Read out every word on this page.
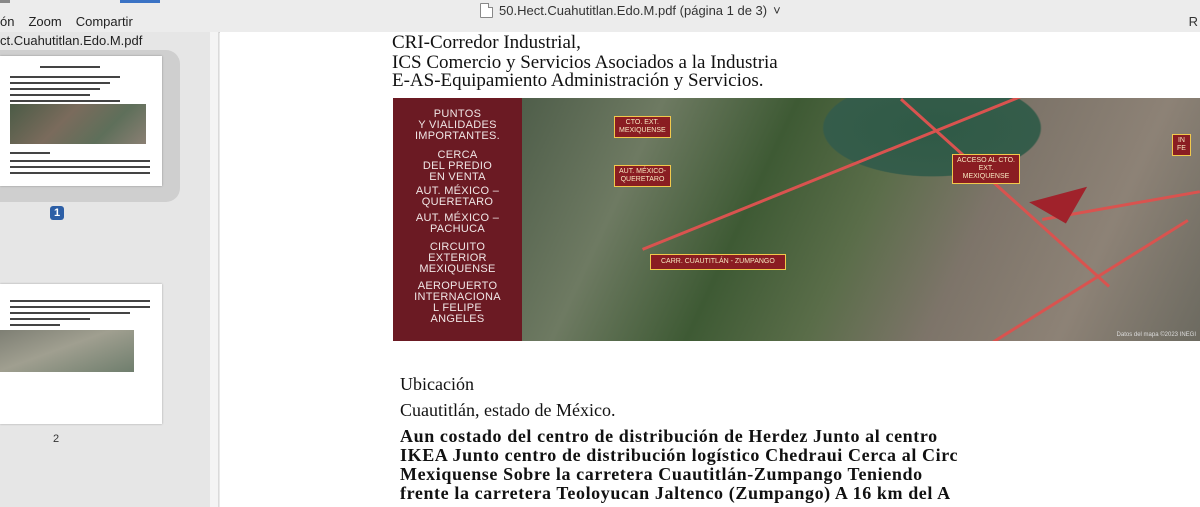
ón Zoom Compartir
50.Hect.Cuahutitlan.Edo.M.pdf (página 1 de 3) ˅
R
ct.Cuahutitlan.Edo.M.pdf
1
2
CRI-Corredor Industrial,
ICS Comercio y Servicios Asociados a la Industria
E-AS-Equipamiento Administración y Servicios.
PUNTOS
Y VIALIDADES
IMPORTANTES.
CERCA
DEL PREDIO
EN VENTA
AUT. MÉXICO –
QUERETARO
AUT. MÉXICO –
PACHUCA
CIRCUITO
EXTERIOR
MEXIQUENSE
AEROPUERTO
INTERNACIONA
L FELIPE
ANGELES
CTO. EXT.
MEXIQUENSE
AUT. MÉXICO-
QUERETARO
ACCESO AL CTO.
EXT.
MEXIQUENSE
CARR. CUAUTITLÁN - ZUMPANGO
IN
FE
Datos del mapa ©2023 INEGI
Ubicación
Cuautitlán, estado de México.
Aun costado del centro de distribución de Herdez Junto al centro
IKEA Junto centro de distribución logístico Chedraui Cerca al Circ
Mexiquense Sobre la carretera Cuautitlán-Zumpango Teniendo
frente la carretera Teoloyucan Jaltenco (Zumpango) A 16 km del A
